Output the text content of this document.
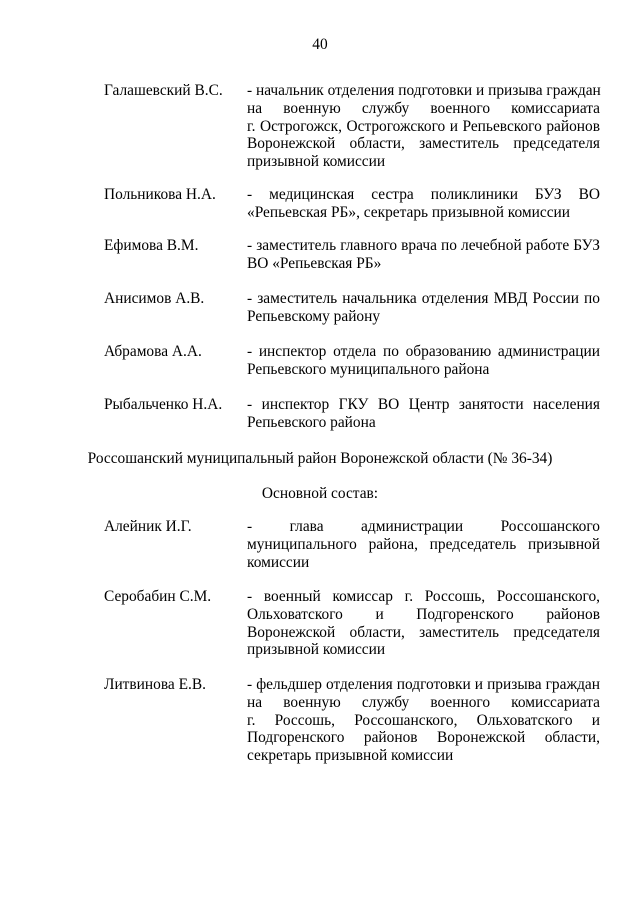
40
Галашевский В.С. - начальник отделения подготовки и призыва граждан
на военную службу военного комиссариата
г. Острогожск, Острогожского и Репьевского районов
Воронежской области, заместитель председателя
призывной комиссии
Польникова Н.А. - медицинская сестра поликлиники БУЗ ВО
«Репьевская РБ», секретарь призывной комиссии
Ефимова В.М.	- заместитель главного врача по лечебной работе БУЗ
ВО «Репьевская РБ»
Анисимов А.В.	- заместитель начальника отделения МВД России по
Репьевскому району
Абрамова А.А.	- инспектор отдела по образованию администрации
Репьевского муниципального района
Рыбальченко Н.А. - инспектор ГКУ ВО Центр занятости населения
Репьевского района
Россошанский муниципальный район Воронежской области (№ 36-34)
Основной состав:
Алейник И.Г.	- глава администрации Россошанского
муниципального района, председатель призывной
комиссии
Серобабин С.М. - военный комиссар г. Россошь, Россошанского,
Ольховатского и Подгоренского районов
Воронежской области, заместитель председателя
призывной комиссии
Литвинова Е.В.	- фельдшер отделения подготовки и призыва граждан
на военную службу военного комиссариата
г. Россошь, Россошанского, Ольховатского и
Подгоренского районов Воронежской области,
секретарь призывной комиссии
